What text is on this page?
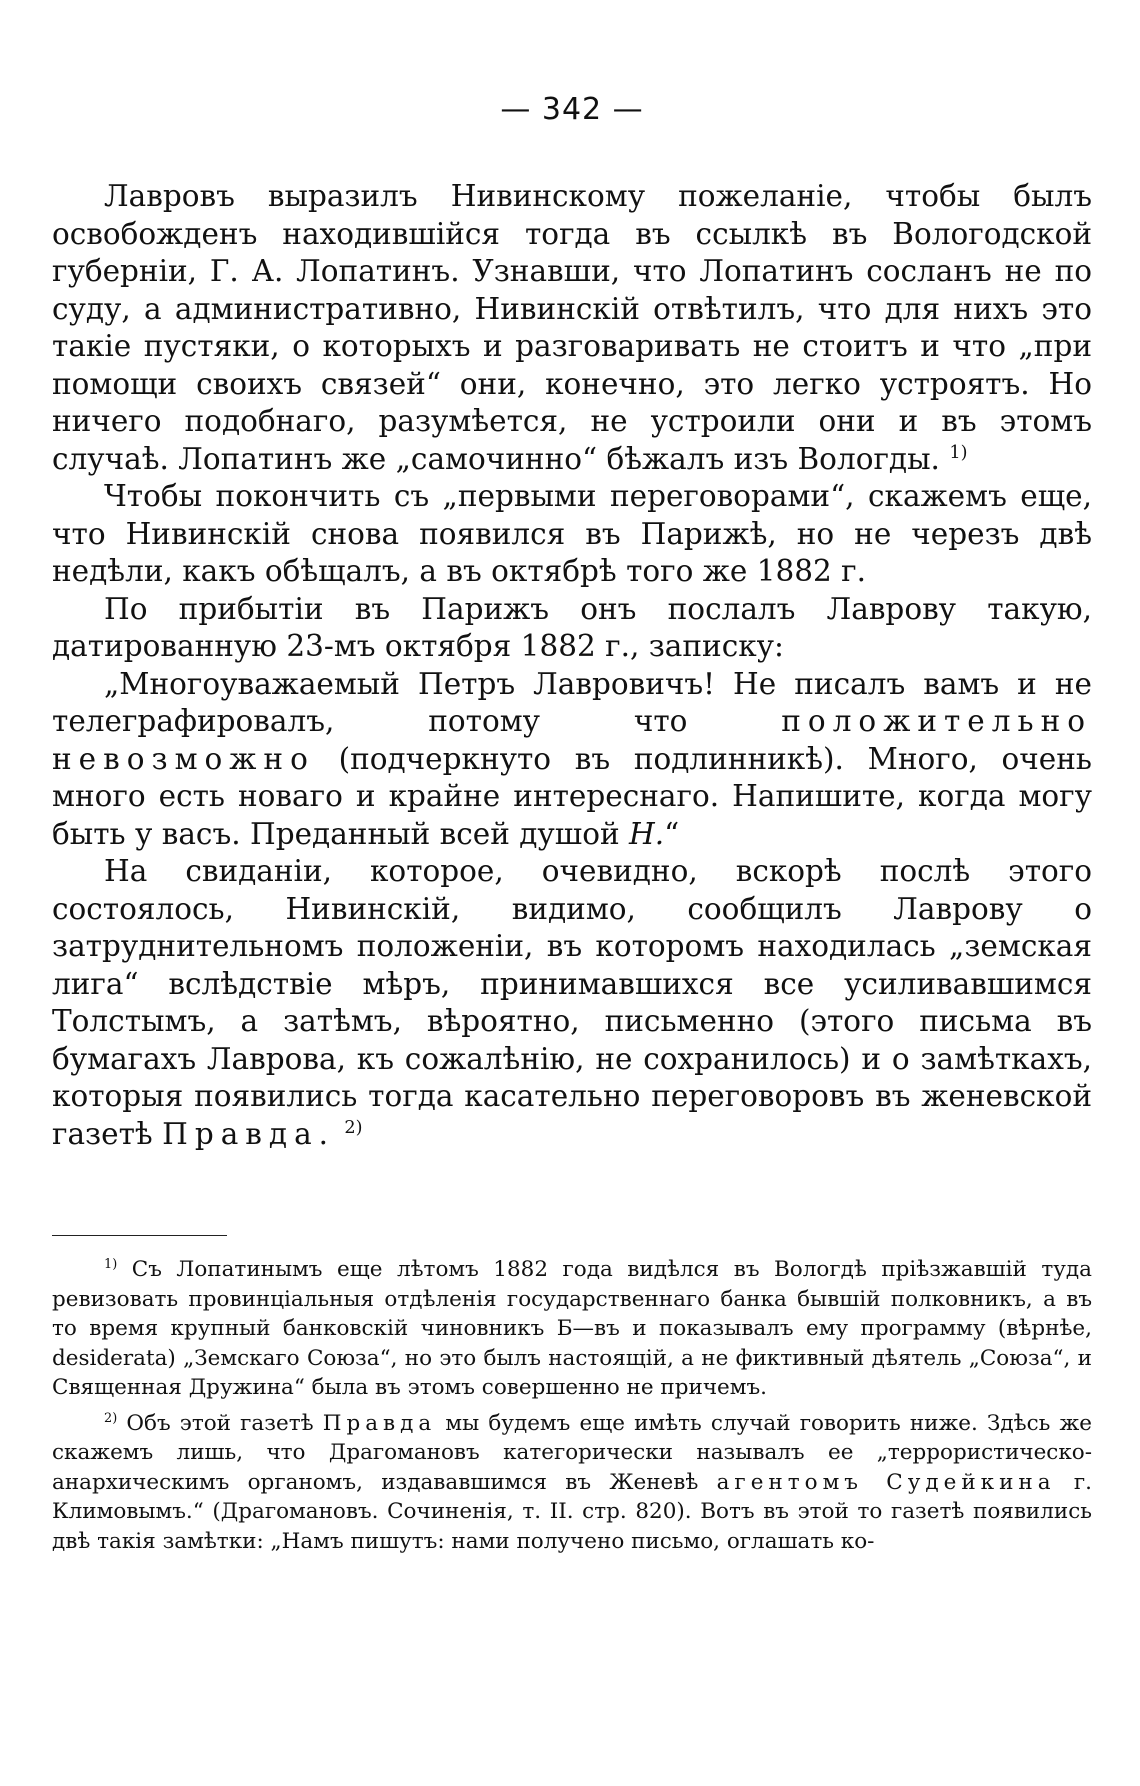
— 342 —

Лавровъ выразилъ Нивинскому пожеланіе, чтобы былъ освобожденъ находившійся тогда въ ссылкѣ въ Вологодской губерніи, Г. А. Лопатинъ. Узнавши, что Лопатинъ сосланъ не по суду, а административно, Нивинскій отвѣтилъ, что для нихъ это такіе пустяки, о которыхъ и разговаривать не стоитъ и что „при помощи своихъ связей“ они, конечно, это легко устроятъ. Но ничего подобнаго, разумѣется, не устроили они и въ этомъ случаѣ. Лопатинъ же „самочинно“ бѣжалъ изъ Вологды. $^{1)}$

Чтобы покончить съ „первыми переговорами“, скажемъ еще, что Нивинскій снова появился въ Парижѣ, но не черезъ двѣ недѣли, какъ обѣщалъ, а въ октябрѣ того же 1882 г.

По прибытіи въ Парижъ онъ послалъ Лаврову такую, датированную 23-мъ октября 1882 г., записку:

„Многоуважаемый Петръ Лавровичъ! Не писалъ вамъ и не телеграфировалъ, потому что	положительно невозможно (подчеркнуто въ подлинникѣ). Много, очень много есть новаго и крайне интереснаго. Напишите, когда могу быть у васъ. Преданный всей душой Н.“

На свиданіи, которое, очевидно, вскорѣ послѣ этого состоялось, Нивинскій, видимо, сообщилъ Лаврову о затруднительномъ положеніи, въ которомъ находилась „земская лига“ вслѣдствіе мѣръ, принимавшихся все усиливавшимся Толстымъ, а затѣмъ, вѣроятно, письменно (этого письма въ бумагахъ Лаврова, къ сожалѣнію, не сохранилось) и о замѣткахъ, которыя появились тогда касательно переговоровъ въ женевской газетѣ Правда. $^{2)}$

$^{1)}$ Съ Лопатинымъ еще лѣтомъ 1882 года видѣлся въ Вологдѣ пріѣзжавшій туда ревизовать провинціальныя отдѣленія государственнаго банка бывшій полковникъ, а въ то время крупный банковскій чиновникъ Б—въ и показывалъ ему программу (вѣрнѣе, desiderata) „Земскаго Союза“, но это былъ настоящій, а не фиктивный дѣятель „Союза“, и Священная Дружина“ была въ этомъ совершенно не причемъ.

$^{2)}$ Объ этой газетѣ Правда мы будемъ еще имѣть случай говорить ниже. Здѣсь же скажемъ лишь, что Драгомановъ категорически называлъ ее „террористическо-анархическимъ органомъ, издававшимся въ Женевѣ агентомъ Судейкина г. Климовымъ.“ (Драгомановъ. Сочиненія, т. II. стр. 820). Вотъ въ этой то газетѣ появились двѣ такія замѣтки: „Намъ пишутъ: нами получено письмо, оглашать ко-
